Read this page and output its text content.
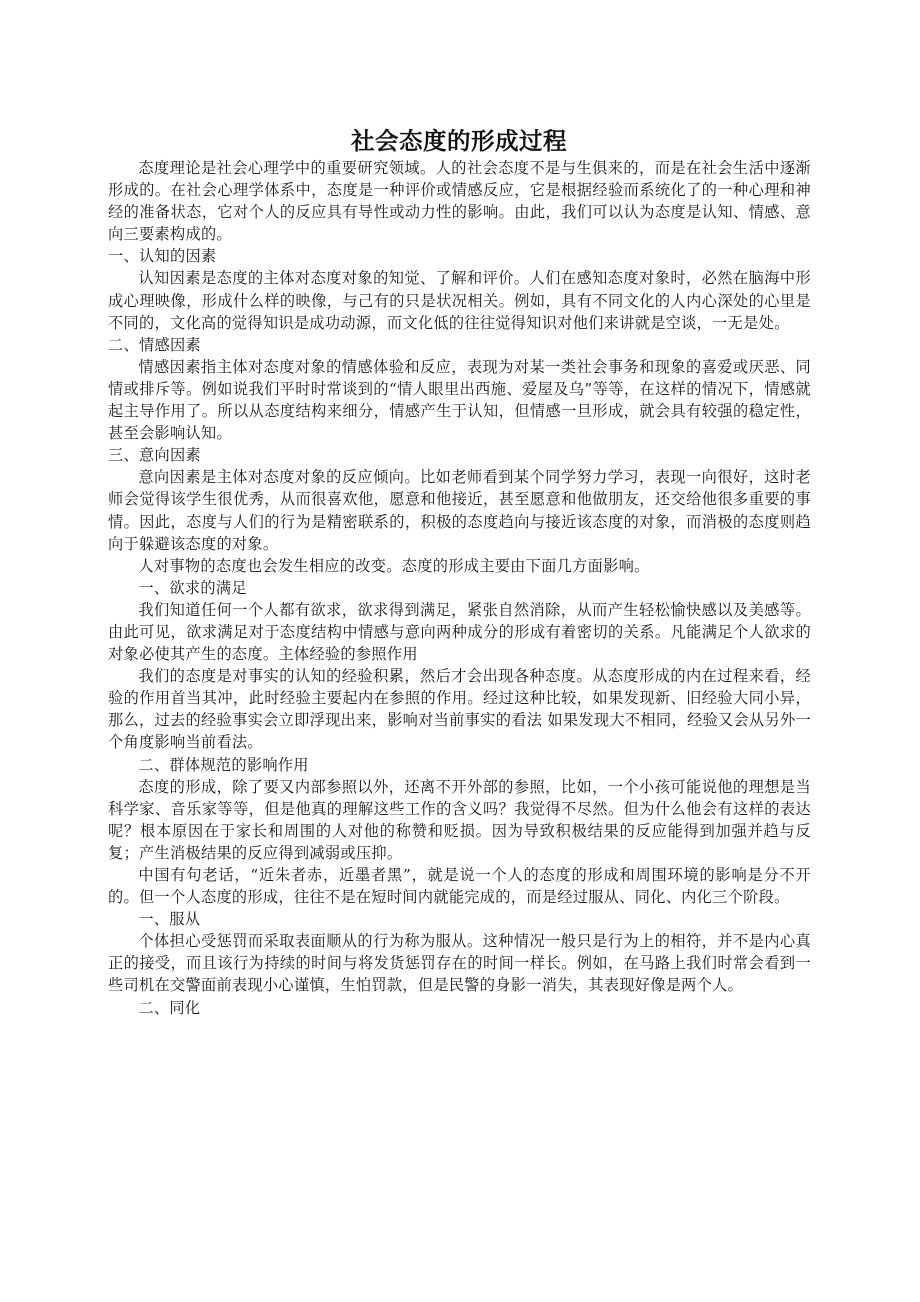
社会态度的形成过程

态度理论是社会心理学中的重要研究领域。人的社会态度不是与生俱来的，而是在社会生活中逐渐形成的。在社会心理学体系中，态度是一种评价或情感反应，它是根据经验而系统化了的一种心理和神经的准备状态，它对个人的反应具有导性或动力性的影响。由此，我们可以认为态度是认知、情感、意向三要素构成的。

一、认知的因素

认知因素是态度的主体对态度对象的知觉、了解和评价。人们在感知态度对象时，必然在脑海中形成心理映像，形成什么样的映像，与己有的只是状况相关。例如，具有不同文化的人内心深处的心里是不同的，文化高的觉得知识是成功动源，而文化低的往往觉得知识对他们来讲就是空谈，一无是处。

二、情感因素

情感因素指主体对态度对象的情感体验和反应，表现为对某一类社会事务和现象的喜爱或厌恶、同情或排斥等。例如说我们平时时常谈到的“情人眼里出西施、爱屋及乌”等等，在这样的情况下，情感就起主导作用了。所以从态度结构来细分，情感产生于认知，但情感一旦形成，就会具有较强的稳定性，甚至会影响认知。

三、意向因素

意向因素是主体对态度对象的反应倾向。比如老师看到某个同学努力学习，表现一向很好，这时老师会觉得该学生很优秀，从而很喜欢他，愿意和他接近，甚至愿意和他做朋友，还交给他很多重要的事情。因此，态度与人们的行为是精密联系的，积极的态度趋向与接近该态度的对象，而消极的态度则趋向于躲避该态度的对象。

人对事物的态度也会发生相应的改变。态度的形成主要由下面几方面影响。

一、欲求的满足

我们知道任何一个人都有欲求，欲求得到满足，紧张自然消除，从而产生轻松愉快感以及美感等。由此可见，欲求满足对于态度结构中情感与意向两种成分的形成有着密切的关系。凡能满足个人欲求的对象必使其产生的态度。主体经验的参照作用

我们的态度是对事实的认知的经验积累，然后才会出现各种态度。从态度形成的内在过程来看，经验的作用首当其冲，此时经验主要起内在参照的作用。经过这种比较，如果发现新、旧经验大同小异，那么，过去的经验事实会立即浮现出来，影响对当前事实的看法 如果发现大不相同，经验又会从另外一个角度影响当前看法。

二、群体规范的影响作用

态度的形成，除了要又内部参照以外，还离不开外部的参照，比如，一个小孩可能说他的理想是当科学家、音乐家等等，但是他真的理解这些工作的含义吗？我觉得不尽然。但为什么他会有这样的表达呢？根本原因在于家长和周围的人对他的称赞和贬损。因为导致积极结果的反应能得到加强并趋与反复；产生消极结果的反应得到减弱或压抑。

中国有句老话，“近朱者赤，近墨者黑”，就是说一个人的态度的形成和周围环境的影响是分不开的。但一个人态度的形成，往往不是在短时间内就能完成的，而是经过服从、同化、内化三个阶段。

一、服从

个体担心受惩罚而采取表面顺从的行为称为服从。这种情况一般只是行为上的相符，并不是内心真正的接受，而且该行为持续的时间与将发货惩罚存在的时间一样长。例如，在马路上我们时常会看到一些司机在交警面前表现小心谨慎，生怕罚款，但是民警的身影一消失，其表现好像是两个人。

二、同化
